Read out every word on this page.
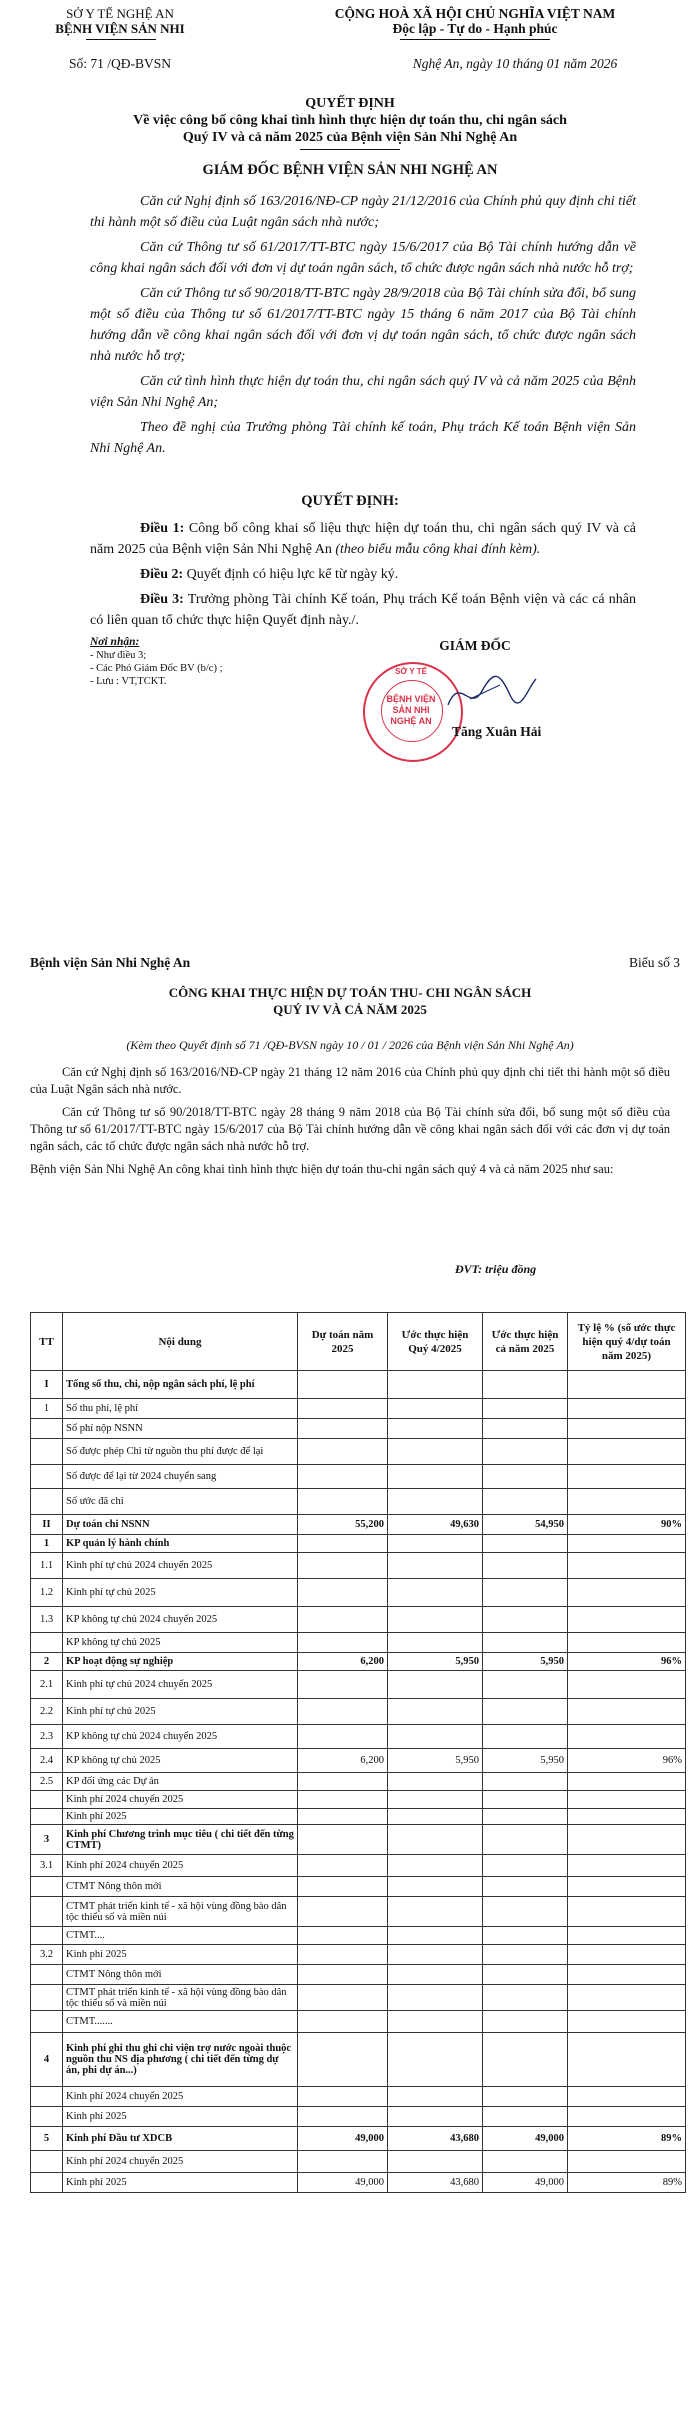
SỞ Y TẾ NGHỆ AN
BỆNH VIỆN SẢN NHI
CỘNG HOÀ XÃ HỘI CHỦ NGHĨA VIỆT NAM
Độc lập - Tự do - Hạnh phúc
Số: 71 /QĐ-BVSN	Nghệ An, ngày 10 tháng 01 năm 2026
QUYẾT ĐỊNH
Về việc công bố công khai tình hình thực hiện dự toán thu, chi ngân sách
Quý IV và cả năm 2025 của Bệnh viện Sản Nhi Nghệ An
GIÁM ĐỐC BỆNH VIỆN SẢN NHI NGHỆ AN

Căn cứ Nghị định số 163/2016/NĐ-CP ngày 21/12/2016 của Chính phủ quy định chi tiết thi hành một số điều của Luật ngân sách nhà nước;

Căn cứ Thông tư số 61/2017/TT-BTC ngày 15/6/2017 của Bộ Tài chính hướng dẫn về công khai ngân sách đối với đơn vị dự toán ngân sách, tổ chức được ngân sách nhà nước hỗ trợ;

Căn cứ Thông tư số 90/2018/TT-BTC ngày 28/9/2018 của Bộ Tài chính sửa đổi, bổ sung một số điều của Thông tư số 61/2017/TT-BTC ngày 15 tháng 6 năm 2017 của Bộ Tài chính hướng dẫn về công khai ngân sách đối với đơn vị dự toán ngân sách, tổ chức được ngân sách nhà nước hỗ trợ;

Căn cứ tình hình thực hiện dự toán thu, chi ngân sách quý IV và cả năm 2025 của Bệnh viện Sản Nhi Nghệ An;

Theo đề nghị của Trưởng phòng Tài chính kế toán, Phụ trách Kế toán Bệnh viện Sản Nhi Nghệ An.

QUYẾT ĐỊNH:

Điều 1: Công bố công khai số liệu thực hiện dự toán thu, chi ngân sách quý IV và cả năm 2025 của Bệnh viện Sản Nhi Nghệ An (theo biểu mẫu công khai đính kèm).

Điều 2: Quyết định có hiệu lực kể từ ngày ký.

Điều 3: Trưởng phòng Tài chính Kế toán, Phụ trách Kế toán Bệnh viện và các cá nhân có liên quan tổ chức thực hiện Quyết định này./.

Nơi nhận:
- Như điều 3;
- Các Phó Giám Đốc BV (b/c) ;
- Lưu : VT,TCKT.
GIÁM ĐỐC
SỞ Y TẾ
BỆNH VIỆN
SẢN NHI
NGHỆ AN
Tăng Xuân Hải
Bệnh viện Sản Nhi Nghệ An	Biểu số 3
CÔNG KHAI THỰC HIỆN DỰ TOÁN THU- CHI NGÂN SÁCH
QUÝ IV VÀ CẢ NĂM 2025
(Kèm theo Quyết định số 71 /QĐ-BVSN ngày 10 / 01 / 2026 của Bệnh viện Sản Nhi Nghệ An)
Căn cứ Nghị định số 163/2016/NĐ-CP ngày 21 tháng 12 năm 2016 của Chính phủ quy định chi tiết thi hành một số điều của Luật Ngân sách nhà nước.
Căn cứ Thông tư số 90/2018/TT-BTC ngày 28 tháng 9 năm 2018 của Bộ Tài chính sửa đổi, bổ sung một số điều của Thông tư số 61/2017/TT-BTC ngày 15/6/2017 của Bộ Tài chính hướng dẫn về công khai ngân sách đối với các đơn vị dự toán ngân sách, các tổ chức được ngân sách nhà nước hỗ trợ.
Bệnh viện Sản Nhi Nghệ An công khai tình hình thực hiện dự toán thu-chi ngân sách quý 4 và cả năm 2025 như sau:
ĐVT: triệu đồng
TT	Nội dung	Dự toán năm 2025	Ước thực hiện Quý 4/2025	Ước thực hiện cả năm 2025	Tỷ lệ % (số ước thực hiện quý 4/dự toán năm 2025)
I	Tổng số thu, chi, nộp ngân sách phí, lệ phí				
1	Số thu phí, lệ phí				
	Số phí nộp NSNN				
	Số được phép Chi từ nguồn thu phí được để lại				
	Số được để lại từ 2024 chuyển sang				
	Số ước đã chi				
II	Dự toán chi NSNN	55,200	49,630	54,950	90%
1	KP quản lý hành chính				
1.1	Kinh phí tự chủ 2024 chuyển 2025				
1.2	Kinh phí tự chủ 2025				
1.3	KP không tự chủ 2024 chuyển 2025				
	KP không tự chủ 2025				
2	KP hoạt động sự nghiệp	6,200	5,950	5,950	96%
2.1	Kinh phí tự chủ 2024 chuyển 2025				
2.2	Kinh phí tự chủ 2025				
2.3	KP không tự chủ 2024 chuyển 2025				
2.4	KP không tự chủ 2025	6,200	5,950	5,950	96%
2.5	KP đối ứng các Dự án				
	Kinh phí 2024 chuyển 2025				
	Kinh phí 2025				
3	Kinh phí Chương trình mục tiêu ( chi tiết đến từng CTMT)				
3.1	Kinh phí 2024 chuyển 2025				
	CTMT Nông thôn mới				
	CTMT phát triển kinh tế - xã hội vùng đồng bào dân tộc thiểu số và miền núi				
	CTMT....				
3.2	Kinh phí 2025				
	CTMT Nông thôn mới				
	CTMT phát triển kinh tế - xã hội vùng đồng bào dân tộc thiểu số và miền núi				
	CTMT.......				
4	Kinh phí ghi thu ghi chi viện trợ nước ngoài thuộc nguồn thu NS địa phương ( chi tiết đến từng dự án, phi dự án...)				
	Kinh phí 2024 chuyển 2025				
	Kinh phí 2025				
5	Kinh phí Đầu tư XDCB	49,000	43,680	49,000	89%
	Kinh phí 2024 chuyển 2025				
	Kinh phí 2025	49,000	43,680	49,000	89%
